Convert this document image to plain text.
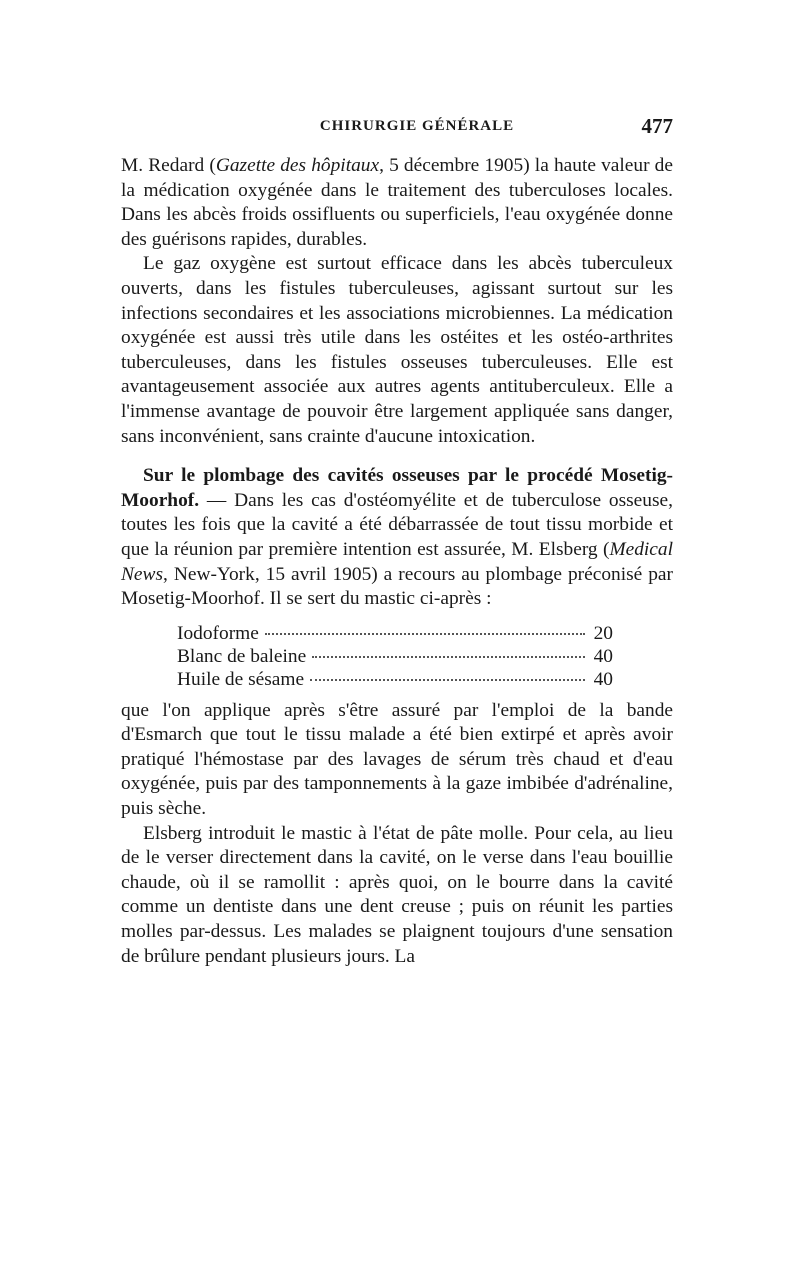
CHIRURGIE GÉNÉRALE	477

M. Redard (Gazette des hôpitaux, 5 décembre 1905) la haute valeur de la médication oxygénée dans le traitement des tuberculoses locales. Dans les abcès froids ossifluents ou superficiels, l'eau oxygénée donne des guérisons rapides, durables.

Le gaz oxygène est surtout efficace dans les abcès tuberculeux ouverts, dans les fistules tuberculeuses, agissant surtout sur les infections secondaires et les associations microbiennes. La médication oxygénée est aussi très utile dans les ostéites et les ostéo-arthrites tuberculeuses, dans les fistules osseuses tuberculeuses. Elle est avantageusement associée aux autres agents antituberculeux. Elle a l'immense avantage de pouvoir être largement appliquée sans danger, sans inconvénient, sans crainte d'aucune intoxication.

Sur le plombage des cavités osseuses par le procédé Mosetig-Moorhof. — Dans les cas d'ostéomyélite et de tuberculose osseuse, toutes les fois que la cavité a été débarrassée de tout tissu morbide et que la réunion par première intention est assurée, M. Elsberg (Medical News, New-York, 15 avril 1905) a recours au plombage préconisé par Mosetig-Moorhof. Il se sert du mastic ci-après :

Iodoforme	20
Blanc de baleine	40
Huile de sésame	40

que l'on applique après s'être assuré par l'emploi de la bande d'Esmarch que tout le tissu malade a été bien extirpé et après avoir pratiqué l'hémostase par des lavages de sérum très chaud et d'eau oxygénée, puis par des tamponnements à la gaze imbibée d'adrénaline, puis sèche.

Elsberg introduit le mastic à l'état de pâte molle. Pour cela, au lieu de le verser directement dans la cavité, on le verse dans l'eau bouillie chaude, où il se ramollit : après quoi, on le bourre dans la cavité comme un dentiste dans une dent creuse ; puis on réunit les parties molles par-dessus. Les malades se plaignent toujours d'une sensation de brûlure pendant plusieurs jours. La
